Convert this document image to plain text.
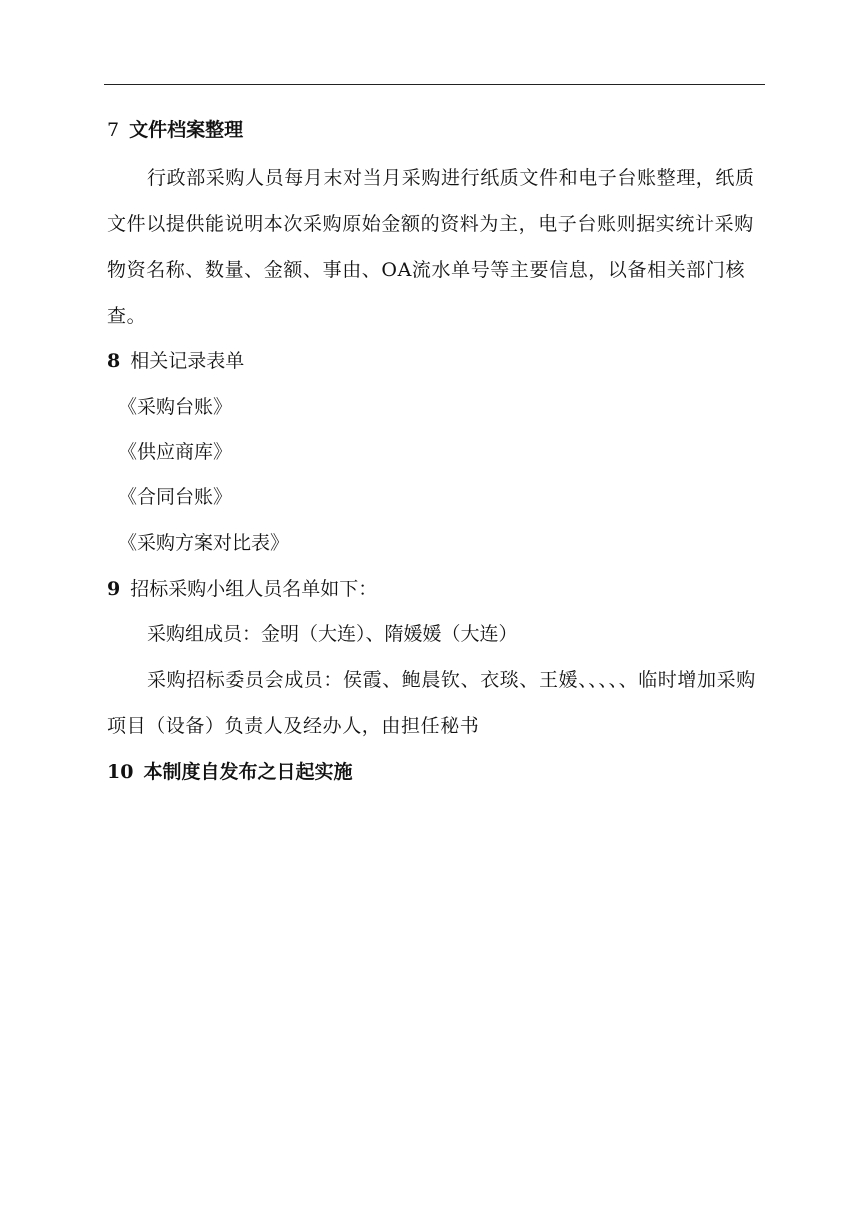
7 文件档案整理
行政部采购人员每月末对当月采购进行纸质文件和电子台账整理，纸质文件以提供能说明本次采购原始金额的资料为主，电子台账则据实统计采购物资名称、数量、金额、事由、OA流水单号等主要信息，以备相关部门核查。
8 相关记录表单
《采购台账》
《供应商库》
《合同台账》
《采购方案对比表》
9 招标采购小组人员名单如下：
采购组成员：金明（大连）、隋媛媛（大连）
采购招标委员会成员：侯霞、鲍晨钦、衣琰、王媛、、、、、临时增加采购项目（设备）负责人及经办人，由担任秘书
10 本制度自发布之日起实施
